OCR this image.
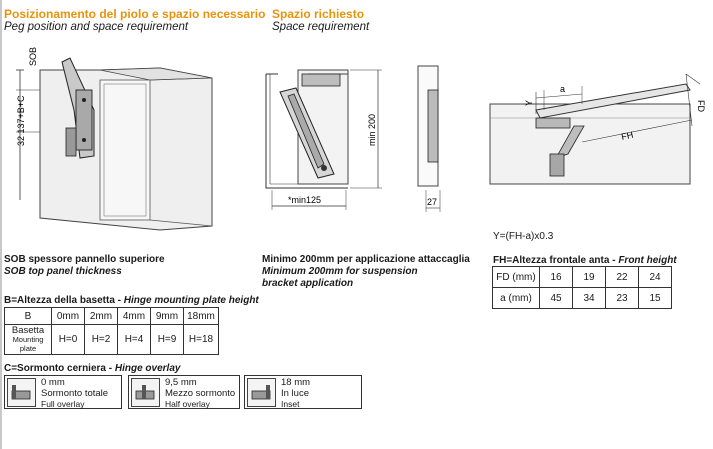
Posizionamento del piolo e spazio necessario
Peg position and space requirement
Spazio richiesto
Space requirement
SOB
32 137+B+C	min 200
*min125	27
a
Y	FD
FH
Y=(FH-a)x0.3
SOB spessore pannello superiore
SOB top panel thickness
Minimo 200mm per applicazione attaccaglia
Minimum 200mm for suspension
bracket application
FH=Altezza frontale anta - Front height
FD (mm)	16	19	22	24
a (mm)	45	34	23	15
B=Altezza della basetta - Hinge mounting plate height
B	0mm	2mm	4mm	9mm	18mm
Basetta
Mounting
plate	H=0	H=2	H=4	H=9	H=18
C=Sormonto cerniera - Hinge overlay
0 mm
Sormonto totale
Full overlay
9,5 mm
Mezzo sormonto
Half overlay
18 mm
In luce
Inset
